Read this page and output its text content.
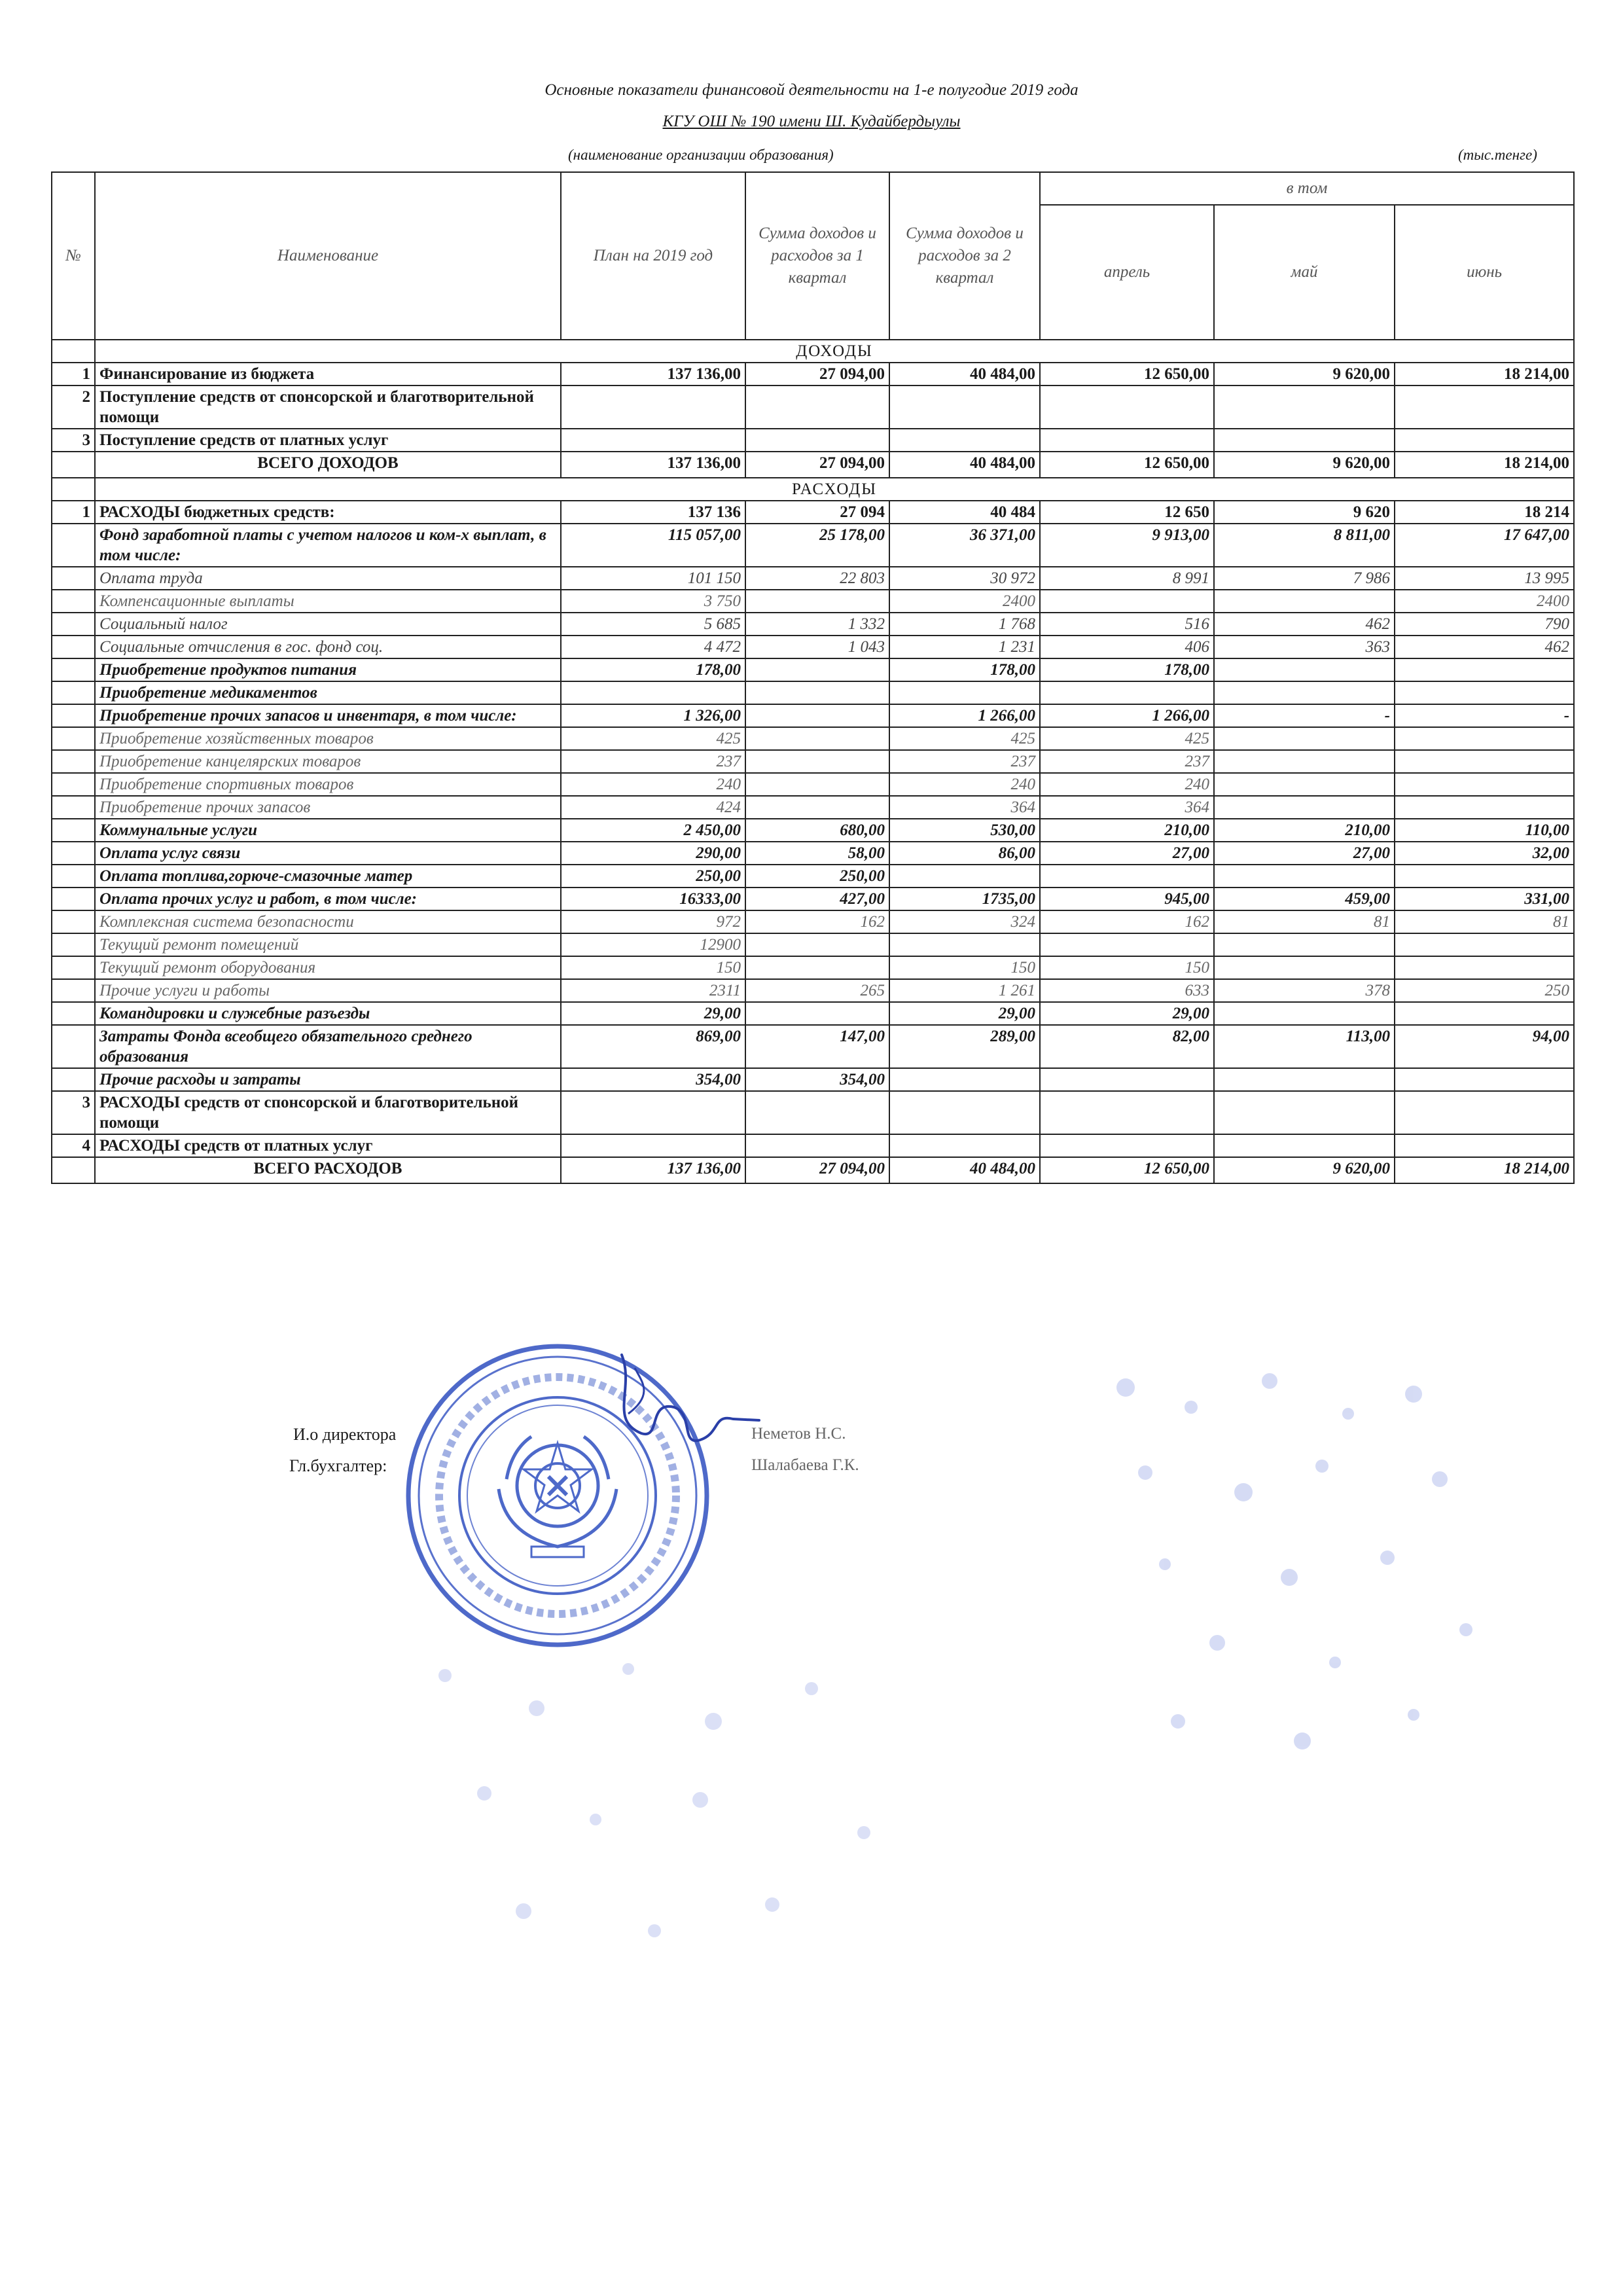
Основные показатели финансовой деятельности на 1-е полугодие 2019 года
КГУ ОШ № 190 имени Ш. Кудайбердыулы
(наименование организации образования)	(тыс.тенге)
№	Наименование	План на 2019 год	Сумма доходов и расходов за 1 квартал	Сумма доходов и расходов за 2 квартал	в том		
					апрель	май	июнь
	ДОХОДЫ						
1	Финансирование из бюджета	137 136,00	27 094,00	40 484,00	12 650,00	9 620,00	18 214,00
2	Поступление средств от спонсорской и благотворительной помощи						
3	Поступление средств от платных услуг						
	ВСЕГО ДОХОДОВ	137 136,00	27 094,00	40 484,00	12 650,00	9 620,00	18 214,00
	РАСХОДЫ						
1	РАСХОДЫ бюджетных средств:	137 136	27 094	40 484	12 650	9 620	18 214
	Фонд заработной платы с учетом налогов и ком-х выплат, в том числе:	115 057,00	25 178,00	36 371,00	9 913,00	8 811,00	17 647,00
	Оплата труда	101 150	22 803	30 972	8 991	7 986	13 995
	Компенсационные выплаты	3 750		2400			2400
	Социальный налог	5 685	1 332	1 768	516	462	790
	Социальные отчисления в гос. фонд соц.	4 472	1 043	1 231	406	363	462
	Приобретение продуктов питания	178,00		178,00	178,00		
	Приобретение медикаментов						
	Приобретение прочих запасов и инвентаря, в том числе:	1 326,00		1 266,00	1 266,00	-	-
	Приобретение хозяйственных товаров	425		425	425		
	Приобретение канцелярских товаров	237		237	237		
	Приобретение спортивных товаров	240		240	240		
	Приобретение прочих запасов	424		364	364		
	Коммунальные услуги	2 450,00	680,00	530,00	210,00	210,00	110,00
	Оплата услуг связи	290,00	58,00	86,00	27,00	27,00	32,00
	Оплата топлива,горюче-смазочные матер	250,00	250,00				
	Оплата прочих услуг и работ, в том числе:	16333,00	427,00	1735,00	945,00	459,00	331,00
	Комплексная система безопасности	972	162	324	162	81	81
	Текущий ремонт помещений	12900					
	Текущий ремонт оборудования	150		150	150		
	Прочие услуги и работы	2311	265	1 261	633	378	250
	Командировки и служебные разъезды	29,00		29,00	29,00		
	Затраты Фонда всеобщего обязательного среднего образования	869,00	147,00	289,00	82,00	113,00	94,00
	Прочие расходы и затраты	354,00	354,00				
3	РАСХОДЫ средств от спонсорской и благотворительной помощи						
4	РАСХОДЫ средств от платных услуг						
	ВСЕГО РАСХОДОВ	137 136,00	27 094,00	40 484,00	12 650,00	9 620,00	18 214,00
И.о директора	Неметов Н.С.
Гл.бухгалтер:	Шалабаева Г.К.
